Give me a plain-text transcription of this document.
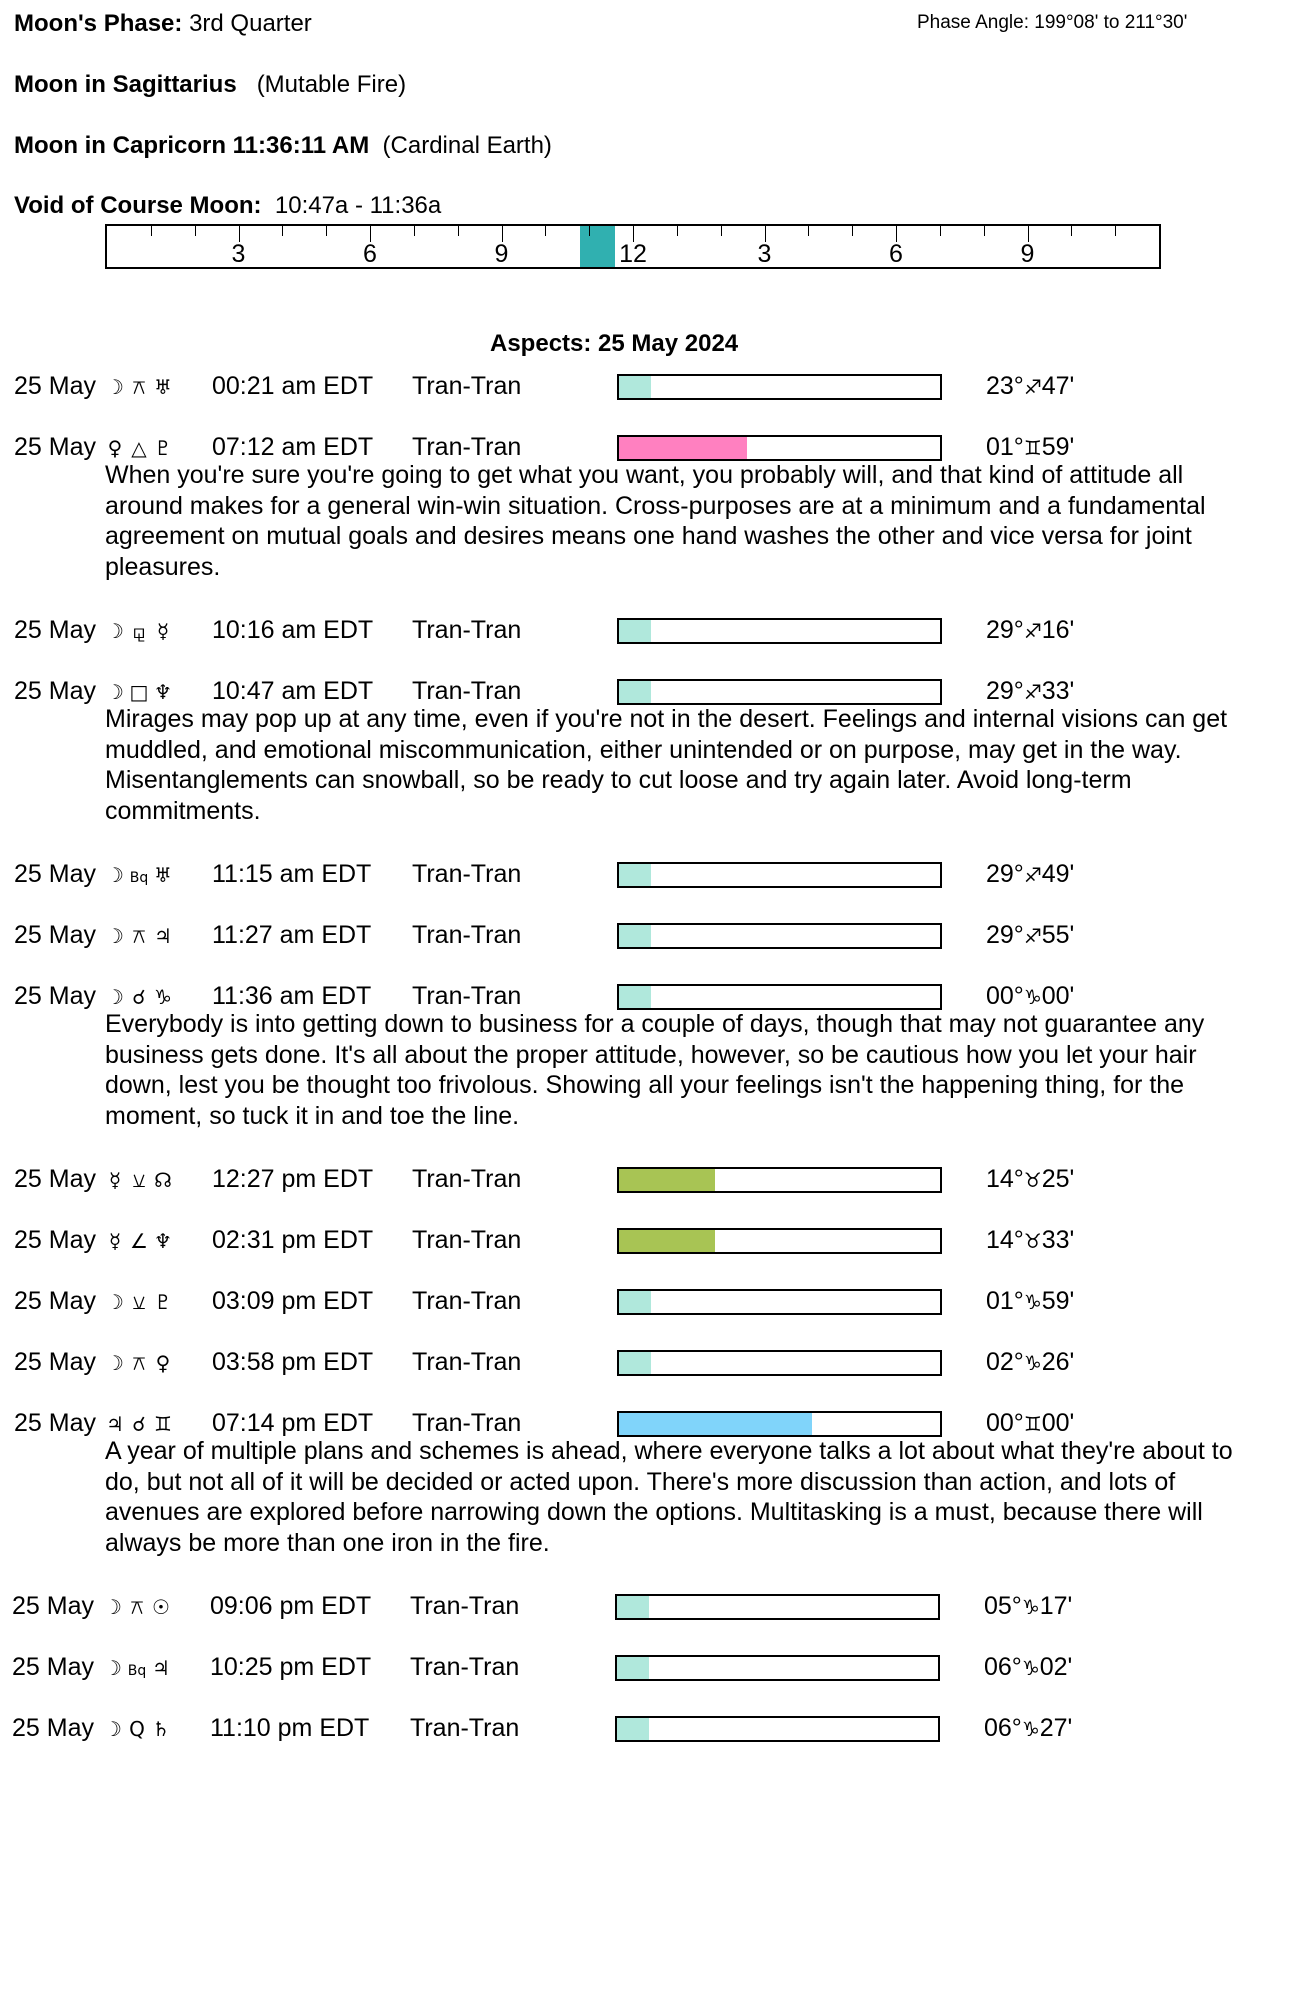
Moon's Phase: 3rd Quarter	Phase Angle: 199°08' to 211°30'
Moon in Sagittarius (Mutable Fire)
Moon in Capricorn 11:36:11 AM (Cardinal Earth)
Void of Course Moon: 10:47a - 11:36a
3	6	9	12	3	6	9
Aspects: 25 May 2024
25 May ☽ ⚻ ♅ 00:21 am EDT Tran-Tran	23°♐47'
25 May ♀ △ ♇ 07:12 am EDT Tran-Tran	01°♊59'
When you're sure you're going to get what you want, you probably will, and that kind of attitude all around makes for a general win-win situation. Cross-purposes are at a minimum and a fundamental agreement on mutual goals and desires means one hand washes the other and vice versa for joint pleasures.
25 May ☽ ⚼ ☿ 10:16 am EDT Tran-Tran	29°♐16'
25 May ☽ □ ♆ 10:47 am EDT Tran-Tran	29°♐33'
Mirages may pop up at any time, even if you're not in the desert. Feelings and internal visions can get muddled, and emotional miscommunication, either unintended or on purpose, may get in the way. Misentanglements can snowball, so be ready to cut loose and try again later. Avoid long-term commitments.
25 May ☽ Bq ♅ 11:15 am EDT Tran-Tran	29°♐49'
25 May ☽ ⚻ ♃ 11:27 am EDT Tran-Tran	29°♐55'
25 May ☽ ☌ ♑ 11:36 am EDT Tran-Tran	00°♑00'
Everybody is into getting down to business for a couple of days, though that may not guarantee any business gets done. It's all about the proper attitude, however, so be cautious how you let your hair down, lest you be thought too frivolous. Showing all your feelings isn't the happening thing, for the moment, so tuck it in and toe the line.
25 May ☿ ⚺ ☊ 12:27 pm EDT Tran-Tran	14°♉25'
25 May ☿ ∠ ♆ 02:31 pm EDT Tran-Tran	14°♉33'
25 May ☽ ⚺ ♇ 03:09 pm EDT Tran-Tran	01°♑59'
25 May ☽ ⚻ ♀ 03:58 pm EDT Tran-Tran	02°♑26'
25 May ♃ ☌ ♊ 07:14 pm EDT Tran-Tran	00°♊00'
A year of multiple plans and schemes is ahead, where everyone talks a lot about what they're about to do, but not all of it will be decided or acted upon. There's more discussion than action, and lots of avenues are explored before narrowing down the options. Multitasking is a must, because there will always be more than one iron in the fire.
25 May ☽ ⚻ ☉ 09:06 pm EDT Tran-Tran	05°♑17'
25 May ☽ Bq ♃ 10:25 pm EDT Tran-Tran	06°♑02'
25 May ☽ Q ♄ 11:10 pm EDT Tran-Tran	06°♑27'
